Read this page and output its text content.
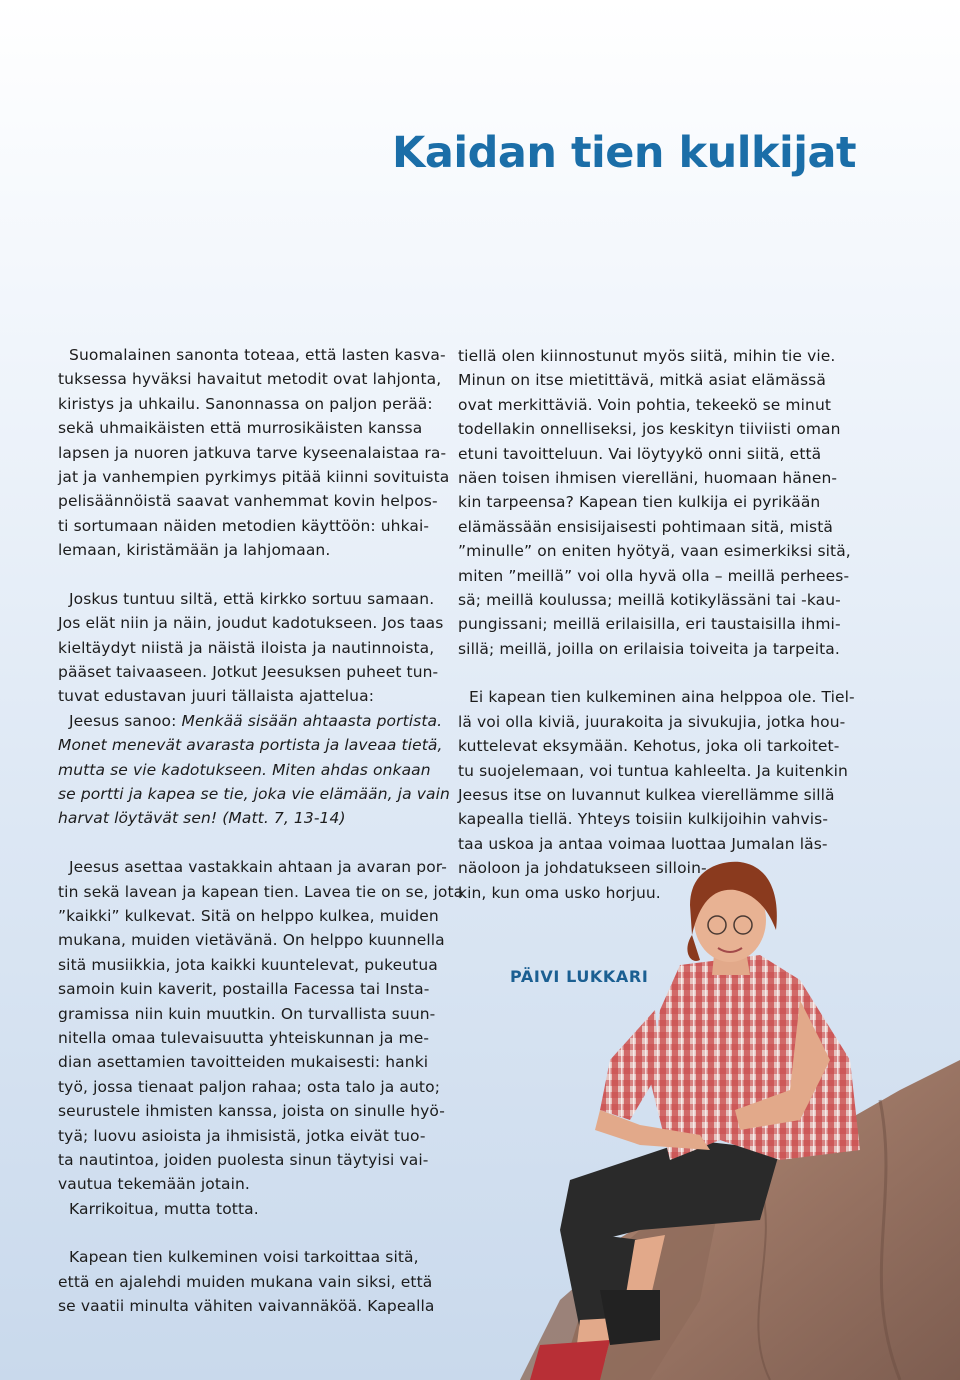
Kaidan tien kulkijat
Suomalainen sanonta toteaa, että lasten kasva-
tuksessa hyväksi havaitut metodit ovat lahjonta,
kiristys ja uhkailu. Sanonnassa on paljon perää:
sekä uhmaikäisten että murrosikäisten kanssa
lapsen ja nuoren jatkuva tarve kyseenalaistaa ra-
jat ja vanhempien pyrkimys pitää kiinni sovituista
pelisäännöistä saavat vanhemmat kovin helpos-
ti sortumaan näiden metodien käyttöön: uhkai-
lemaan, kiristämään ja lahjomaan.
Joskus tuntuu siltä, että kirkko sortuu samaan.
Jos elät niin ja näin, joudut kadotukseen. Jos taas
kieltäydyt niistä ja näistä iloista ja nautinnoista,
pääset taivaaseen. Jotkut Jeesuksen puheet tun-
tuvat edustavan juuri tällaista ajattelua:
Jeesus sanoo: Menkää sisään ahtaasta portista.
Monet menevät avarasta portista ja laveaa tietä,
mutta se vie kadotukseen. Miten ahdas onkaan
se portti ja kapea se tie, joka vie elämään, ja vain
harvat löytävät sen! (Matt. 7, 13-14)
Jeesus asettaa vastakkain ahtaan ja avaran por-
tin sekä lavean ja kapean tien. Lavea tie on se, jota
”kaikki” kulkevat. Sitä on helppo kulkea, muiden
mukana, muiden vietävänä. On helppo kuunnella
sitä musiikkia, jota kaikki kuuntelevat, pukeutua
samoin kuin kaverit, postailla Facessa tai Insta-
gramissa niin kuin muutkin. On turvallista suun-
nitella omaa tulevaisuutta yhteiskunnan ja me-
dian asettamien tavoitteiden mukaisesti: hanki
työ, jossa tienaat paljon rahaa; osta talo ja auto;
seurustele ihmisten kanssa, joista on sinulle hyö-
tyä; luovu asioista ja ihmisistä, jotka eivät tuo-
ta nautintoa, joiden puolesta sinun täytyisi vai-
vautua tekemään jotain.
Karrikoitua, mutta totta.
Kapean tien kulkeminen voisi tarkoittaa sitä,
että en ajalehdi muiden mukana vain siksi, että
se vaatii minulta vähiten vaivannäköä. Kapealla
tiellä olen kiinnostunut myös siitä, mihin tie vie.
Minun on itse mietittävä, mitkä asiat elämässä
ovat merkittäviä. Voin pohtia, tekeekö se minut
todellakin onnelliseksi, jos keskityn tiiviisti oman
etuni tavoitteluun. Vai löytyykö onni siitä, että
näen toisen ihmisen vierelläni, huomaan hänen-
kin tarpeensa? Kapean tien kulkija ei pyrikään
elämässään ensisijaisesti pohtimaan sitä, mistä
”minulle” on eniten hyötyä, vaan esimerkiksi sitä,
miten ”meillä” voi olla hyvä olla – meillä perhees-
sä; meillä koulussa; meillä kotikylässäni tai -kau-
pungissani; meillä erilaisilla, eri taustaisilla ihmi-
sillä; meillä, joilla on erilaisia toiveita ja tarpeita.
Ei kapean tien kulkeminen aina helppoa ole. Tiel-
lä voi olla kiviä, juurakoita ja sivukujia, jotka hou-
kuttelevat eksymään. Kehotus, joka oli tarkoitet-
tu suojelemaan, voi tuntua kahleelta. Ja kuitenkin
Jeesus itse on luvannut kulkea vierellämme sillä
kapealla tiellä. Yhteys toisiin kulkijoihin vahvis-
taa uskoa ja antaa voimaa luottaa Jumalan läs-
näoloon ja johdatukseen silloin-
kin, kun oma usko horjuu.
PÄIVI LUKKARI
